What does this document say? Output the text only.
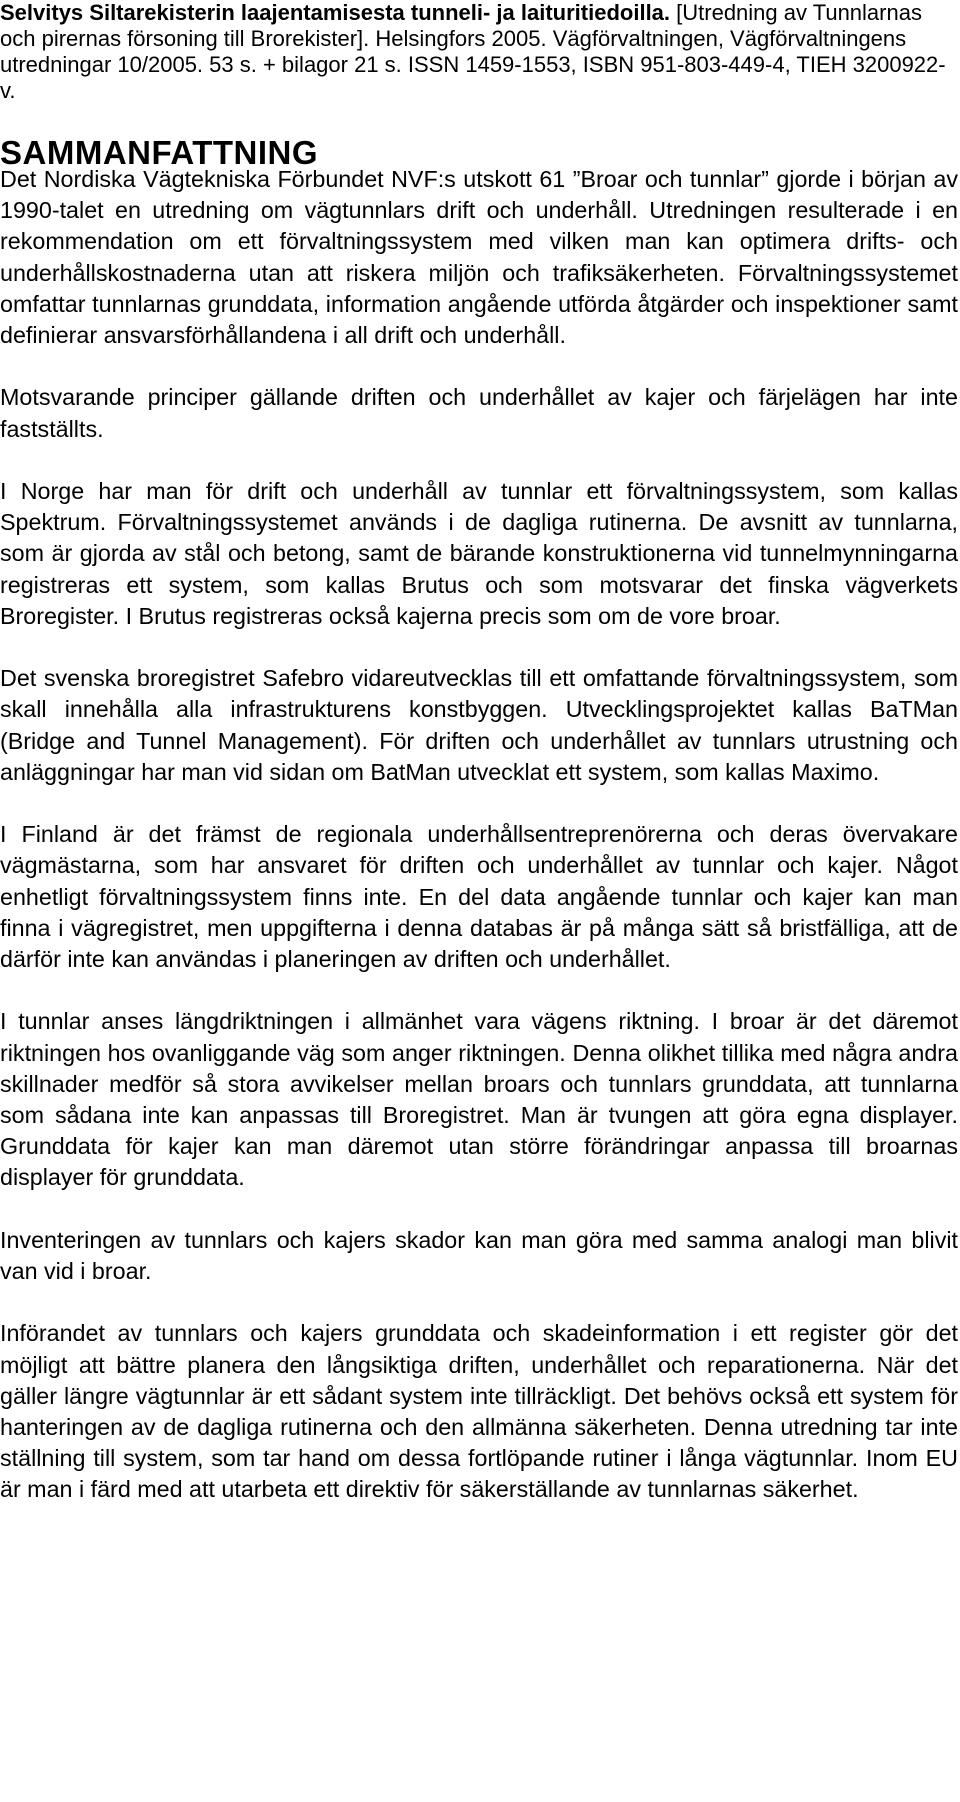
Selvitys Siltarekisterin laajentamisesta tunneli- ja laituritiedoilla. [Utredning av Tunnlarnas och pirernas försoning till Brorekister]. Helsingfors 2005. Vägförvaltningen, Vägförvaltningens utredningar 10/2005. 53 s. + bilagor 21 s. ISSN 1459-1553, ISBN 951-803-449-4, TIEH 3200922-v.

SAMMANFATTNING

Det Nordiska Vägtekniska Förbundet NVF:s utskott 61 ”Broar och tunnlar” gjorde i början av 1990-talet en utredning om vägtunnlars drift och underhåll. Utredningen resulterade i en rekommendation om ett förvaltningssystem med vilken man kan optimera drifts- och underhållskostnaderna utan att riskera miljön och trafiksäkerheten. Förvaltningssystemet omfattar tunnlarnas grunddata, information angående utförda åtgärder och inspektioner samt definierar ansvarsförhållandena i all drift och underhåll.

Motsvarande principer gällande driften och underhållet av kajer och färjelägen har inte fastställts.

I Norge har man för drift och underhåll av tunnlar ett förvaltningssystem, som kallas Spektrum. Förvaltningssystemet används i de dagliga rutinerna. De avsnitt av tunnlarna, som är gjorda av stål och betong, samt de bärande konstruktionerna vid tunnelmynningarna registreras ett system, som kallas Brutus och som motsvarar det finska vägverkets Broregister. I Brutus registreras också kajerna precis som om de vore broar.

Det svenska broregistret Safebro vidareutvecklas till ett omfattande förvaltningssystem, som skall innehålla alla infrastrukturens konstbyggen. Utvecklingsprojektet kallas BaTMan (Bridge and Tunnel Management). För driften och underhållet av tunnlars utrustning och anläggningar har man vid sidan om BatMan utvecklat ett system, som kallas Maximo.

I Finland är det främst de regionala underhållsentreprenörerna och deras övervakare vägmästarna, som har ansvaret för driften och underhållet av tunnlar och kajer. Något enhetligt förvaltningssystem finns inte. En del data angående tunnlar och kajer kan man finna i vägregistret, men uppgifterna i denna databas är på många sätt så bristfälliga, att de därför inte kan användas i planeringen av driften och underhållet.

I tunnlar anses längdriktningen i allmänhet vara vägens riktning. I broar är det däremot riktningen hos ovanliggande väg som anger riktningen. Denna olikhet tillika med några andra skillnader medför så stora avvikelser mellan broars och tunnlars grunddata, att tunnlarna som sådana inte kan anpassas till Broregistret. Man är tvungen att göra egna displayer. Grunddata för kajer kan man däremot utan större förändringar anpassa till broarnas displayer för grunddata.

Inventeringen av tunnlars och kajers skador kan man göra med samma analogi man blivit van vid i broar.

Införandet av tunnlars och kajers grunddata och skadeinformation i ett register gör det möjligt att bättre planera den långsiktiga driften, underhållet och reparationerna. När det gäller längre vägtunnlar är ett sådant system inte tillräckligt. Det behövs också ett system för hanteringen av de dagliga rutinerna och den allmänna säkerheten. Denna utredning tar inte ställning till system, som tar hand om dessa fortlöpande rutiner i långa vägtunnlar. Inom EU är man i färd med att utarbeta ett direktiv för säkerställande av tunnlarnas säkerhet.
